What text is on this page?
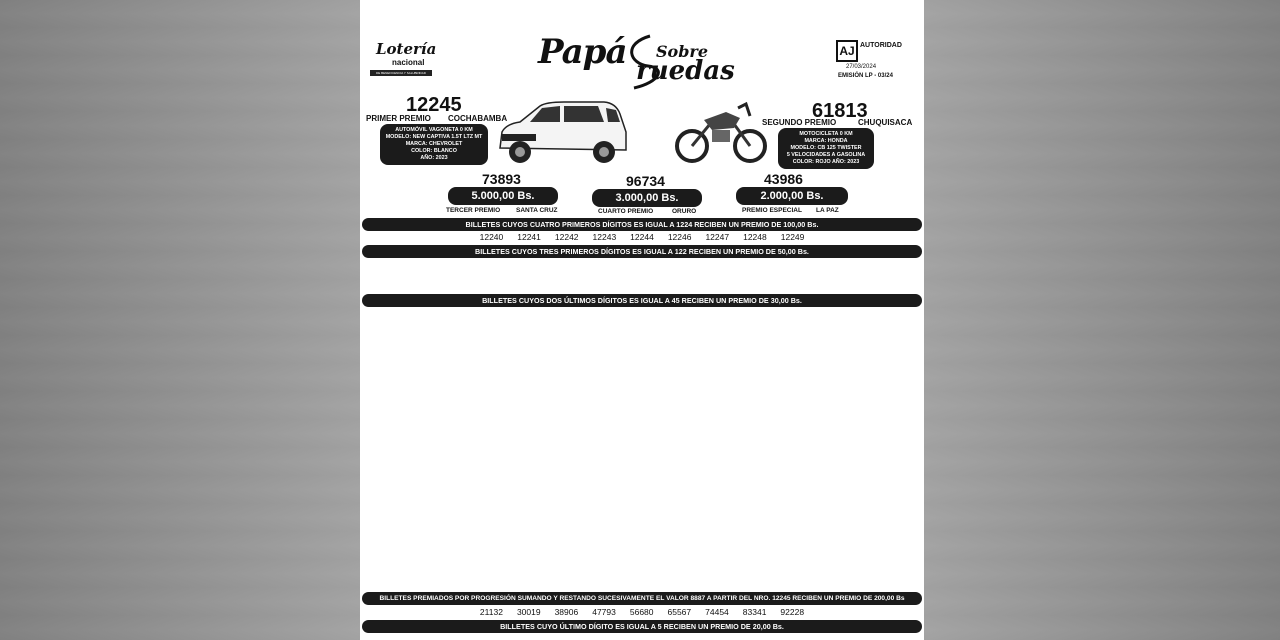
Lotería
nacional
DE BENEFICENCIA Y SALUBRIDAD
Papá Sobre
ruedas
AJ AUTORIDAD
27/03/2024
EMISIÓN LP - 03/24
12245
PRIMER PREMIO COCHABAMBA
AUTOMÓVIL VAGONETA 0 KM
MODELO: NEW CAPTIVA 1.5T LTZ MT
MARCA: CHEVROLET
COLOR: BLANCO
AÑO: 2023
61813
SEGUNDO PREMIO	CHUQUISACA
MOTOCICLETA 0 KM
MARCA: HONDA
MODELO: CB 125 TWISTER
5 VELOCIDADES A GASOLINA
COLOR: ROJO AÑO: 2023
73893
5.000,00 Bs.
TERCER PREMIO SANTA CRUZ
96734
3.000,00 Bs.
CUARTO PREMIO	ORURO
43986
2.000,00 Bs.
PREMIO ESPECIAL LA PAZ
BILLETES CUYOS CUATRO PRIMEROS DÍGITOS ES IGUAL A 1224 RECIBEN UN PREMIO DE 100,00 Bs.
12240 12241 12242 12243 12244 12246 12247 12248 12249
BILLETES CUYOS TRES PRIMEROS DÍGITOS ES IGUAL A 122 RECIBEN UN PREMIO DE 50,00 Bs.
BILLETES CUYOS DOS ÚLTIMOS DÍGITOS ES IGUAL A 45 RECIBEN UN PREMIO DE 30,00 Bs.
BILLETES PREMIADOS POR PROGRESIÓN SUMANDO Y RESTANDO SUCESIVAMENTE EL VALOR 8887 A PARTIR DEL NRO. 12245 RECIBEN UN PREMIO DE 200,00 Bs
21132 30019 38906 47793 56680 65567 74454 83341 92228
BILLETES CUYO ÚLTIMO DÍGITO ES IGUAL A 5 RECIBEN UN PREMIO DE 20,00 Bs.
